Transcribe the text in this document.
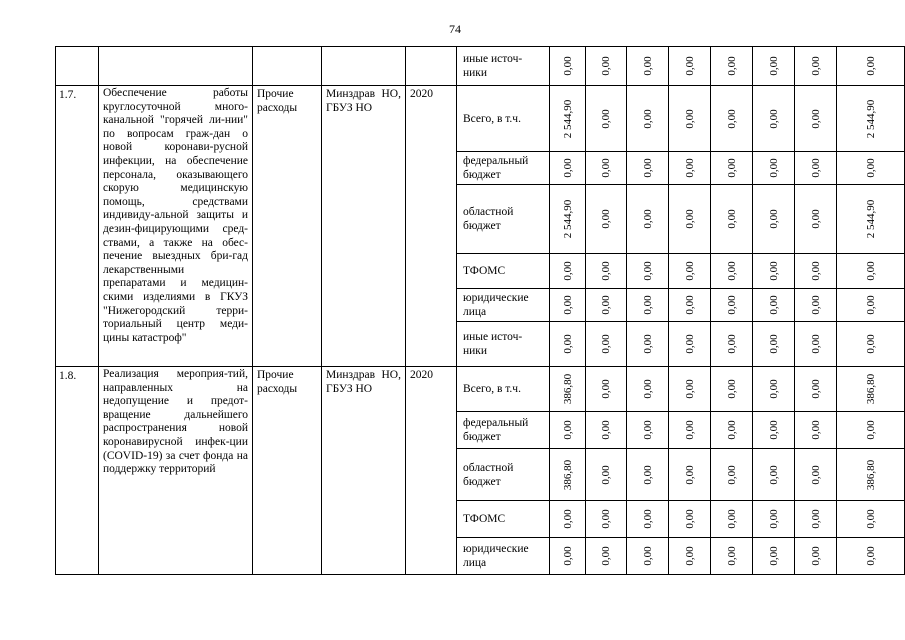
74

					иные источ-ники	0,00	0,00	0,00	0,00	0,00	0,00	0,00	0,00

1.7.	Обеспечение работы круглосуточной много-канальной "горячей ли-нии" по вопросам граж-дан о новой коронави-русной инфекции, на обеспечение персонала, оказывающего скорую медицинскую помощь, средствами индивиду-альной защиты и дезин-фицирующими сред-ствами, а также на обес-печение выездных бри-гад лекарственными препаратами и медицин-скими изделиями в ГКУЗ "Нижегородский терри-ториальный центр меди-цины катастроф"	Прочие расходы	Минздрав НО, ГБУЗ НО	2020	Всего, в т.ч.	2 544,90	0,00	0,00	0,00	0,00	0,00	0,00	2 544,90

					федеральный бюджет	0,00	0,00	0,00	0,00	0,00	0,00	0,00	0,00

					областной бюджет	2 544,90	0,00	0,00	0,00	0,00	0,00	0,00	2 544,90

					ТФОМС	0,00	0,00	0,00	0,00	0,00	0,00	0,00	0,00

					юридические лица	0,00	0,00	0,00	0,00	0,00	0,00	0,00	0,00

					иные источ-ники	0,00	0,00	0,00	0,00	0,00	0,00	0,00	0,00

1.8.	Реализация мероприя-тий, направленных на недопущение и предот-вращение дальнейшего распространения новой коронавирусной инфек-ции (COVID-19) за счет фонда на поддержку территорий	Прочие расходы	Минздрав НО, ГБУЗ НО	2020	Всего, в т.ч.	386,80	0,00	0,00	0,00	0,00	0,00	0,00	386,80

					федеральный бюджет	0,00	0,00	0,00	0,00	0,00	0,00	0,00	0,00

					областной бюджет	386,80	0,00	0,00	0,00	0,00	0,00	0,00	386,80

					ТФОМС	0,00	0,00	0,00	0,00	0,00	0,00	0,00	0,00

					юридические лица	0,00	0,00	0,00	0,00	0,00	0,00	0,00	0,00
